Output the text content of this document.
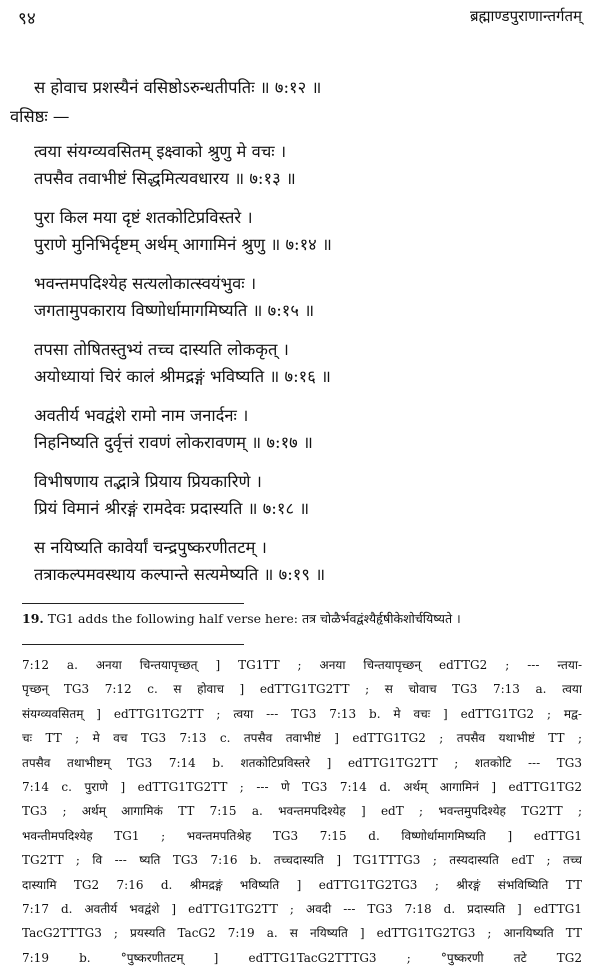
९४	ब्रह्माण्डपुराणान्तर्गतम्
स होवाच प्रशस्यैनं वसिष्ठोऽरुन्धतीपतिः ॥ ७:१२ ॥
वसिष्ठः —
त्वया संयग्व्यवसितम् इक्ष्वाको श्रुणु मे वचः ।
तपसैव तवाभीष्टं सिद्धमित्यवधारय ॥ ७:१३ ॥
पुरा किल मया दृष्टं शतकोटिप्रविस्तरे ।
पुराणे मुनिभिर्दृष्टम् अर्थम् आगामिनं श्रुणु ॥ ७:१४ ॥
भवन्तमपदिश्येह सत्यलोकात्स्वयंभुवः ।
जगतामुपकाराय विष्णोर्धामागमिष्यति ॥ ७:१५ ॥
तपसा तोषितस्तुभ्यं तच्च दास्यति लोककृत् ।
अयोध्यायां चिरं कालं श्रीमद्रङ्गं भविष्यति ॥ ७:१६ ॥
अवतीर्य भवद्वंशे रामो नाम जनार्दनः ।
निहनिष्यति दुर्वृत्तं रावणं लोकरावणम् ॥ ७:१७ ॥
विभीषणाय तद्भात्रे प्रियाय प्रियकारिणे ।
प्रियं विमानं श्रीरङ्गं रामदेवः प्रदास्यति ॥ ७:१८ ॥
स नयिष्यति कावेर्यां चन्द्रपुष्करणीतटम् ।
तत्राकल्पमवस्थाय कल्पान्ते सत्यमेष्यति ॥ ७:१९ ॥
19. TG1 adds the following half verse here: तत्र चोळैर्भवद्वंश्यैर्हृषीकेशोर्चयिष्यते ।
7:12 a. अनया चिन्तयापृच्छत् ] TG1TT ; अनया चिन्तयापृच्छन् edTTG2 ; --- न्तया-
पृच्छन् TG3 7:12 c. स होवाच ] edTTG1TG2TT ; स चोवाच TG3 7:13 a. त्वया
संयग्व्यवसितम् ] edTTG1TG2TT ; त्वया --- TG3 7:13 b. मे वचः ] edTTG1TG2 ; मद्व-
चः TT ; मे वच TG3 7:13 c. तपसैव तवाभीष्टं ] edTTG1TG2 ; तपसैव यथाभीष्टं TT ;
तपसैव तथाभीष्टम् TG3 7:14 b. शतकोटिप्रविस्तरे ] edTTG1TG2TT ; शतकोटि --- TG3
7:14 c. पुराणे ] edTTG1TG2TT ; --- णे TG3 7:14 d. अर्थम् आगामिनं ] edTTG1TG2
TG3 ; अर्थम् आगामिकं TT 7:15 a. भवन्तमपदिश्येह ] edT ; भवन्तमुपदिश्येह TG2TT ;
भवन्तीमपदिश्येह TG1 ; भवन्तमपतिश्रेह TG3 7:15 d. विष्णोर्धामागमिष्यति ] edTTG1
TG2TT ; वि --- ष्यति TG3 7:16 b. तच्चदास्यति ] TG1TTTG3 ; तस्यदास्यति edT ; तच्च
दास्यामि TG2 7:16 d. श्रीमद्रङ्गं भविष्यति ] edTTG1TG2TG3 ; श्रीरङ्गं संभविष्यिति TT
7:17 d. अवतीर्य भवद्वंशे ] edTTG1TG2TT ; अवदी --- TG3 7:18 d. प्रदास्यति ] edTTG1
TacG2TTTG3 ; प्रयस्यति TacG2 7:19 a. स नयिष्यति ] edTTG1TG2TG3 ; आनयिष्यति TT
7:19 b. °पुष्करणीतटम् ] edTTG1TacG2TTTG3 ; °पुष्करणी तटे TG2
